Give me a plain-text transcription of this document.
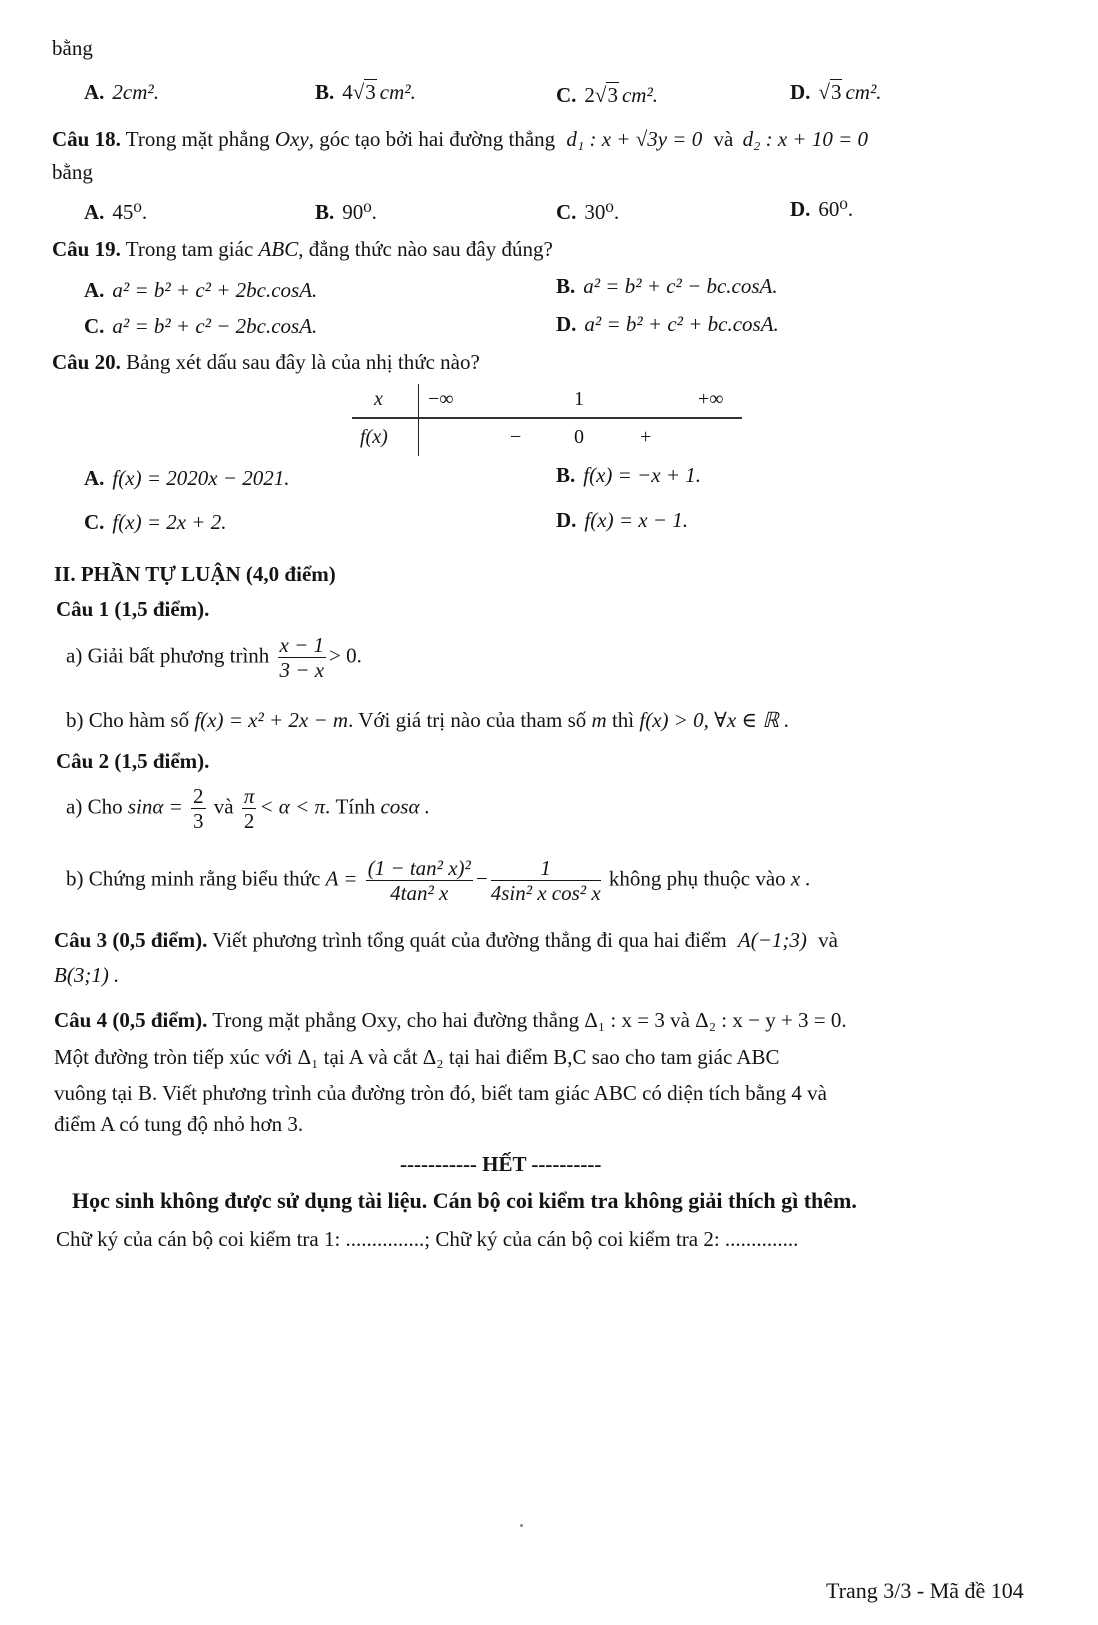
bằng
A. 2cm².	B. 4√3 cm².	C. 2√3 cm².	D. √3 cm².
Câu 18. Trong mặt phẳng Oxy, góc tạo bởi hai đường thẳng d₁ : x + √3y = 0 và d₂ : x + 10 = 0
bằng
A. 45⁰.	B. 90⁰.	C. 30⁰.	D. 60⁰.
Câu 19. Trong tam giác ABC, đẳng thức nào sau đây đúng?
A. a² = b² + c² + 2bc.cosA.	B. a² = b² + c² − bc.cosA.
C. a² = b² + c² − 2bc.cosA.	D. a² = b² + c² + bc.cosA.
Câu 20. Bảng xét dấu sau đây là của nhị thức nào?
x −∞	1	+∞
f(x)	−	0	+
A. f(x) = 2020x − 2021.	B. f(x) = −x + 1.
C. f(x) = 2x + 2.	D. f(x) = x − 1.
II. PHẦN TỰ LUẬN (4,0 điểm)
Câu 1 (1,5 điểm).
a) Giải bất phương trình $\frac{x - 1}{3 - x} > 0$.
b) Cho hàm số f(x) = x² + 2x − m. Với giá trị nào của tham số m thì f(x) > 0, ∀x ∈ ℝ .
Câu 2 (1,5 điểm).
a) Cho $\sin\alpha = \frac{2}{3}$ và $\frac{\pi}{2} < \alpha < \pi$. Tính cosα .
b) Chứng minh rằng biểu thức $A = \frac{\text{(1 − tan² x)²}}{\text{4tan² x}} - \frac{1}{\text{4sin² x cos² x}}$ không phụ thuộc vào x .
Câu 3 (0,5 điểm). Viết phương trình tổng quát của đường thẳng đi qua hai điểm A(−1;3) và
B(3;1) .
Câu 4 (0,5 điểm). Trong mặt phẳng Oxy, cho hai đường thẳng Δ₁ : x = 3 và Δ₂ : x − y + 3 = 0.
Một đường tròn tiếp xúc với Δ₁ tại A và cắt Δ₂ tại hai điểm B,C sao cho tam giác ABC
vuông tại B. Viết phương trình của đường tròn đó, biết tam giác ABC có diện tích bằng 4 và
điểm A có tung độ nhỏ hơn 3.
----------- HẾT ----------
Học sinh không được sử dụng tài liệu. Cán bộ coi kiểm tra không giải thích gì thêm.
Chữ ký của cán bộ coi kiểm tra 1: ...............; Chữ ký của cán bộ coi kiểm tra 2: ..............
Trang 3/3 - Mã đề 104
